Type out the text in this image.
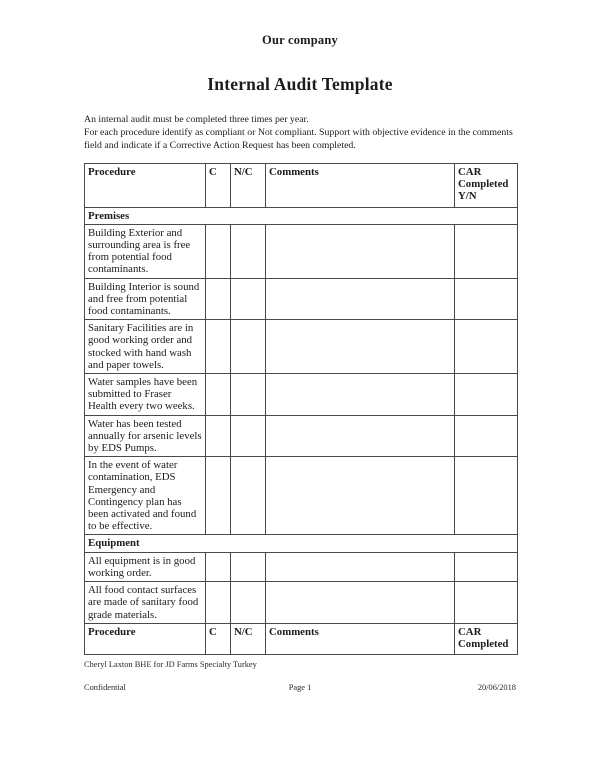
Our company
Internal Audit Template
An internal audit must be completed three times per year.
For each procedure identify as compliant or Not compliant. Support with objective evidence in the comments field and indicate if a Corrective Action Request has been completed.
Procedure	C	N/C	Comments	CAR Completed Y/N
Premises				
Building Exterior and surrounding area is free from potential food contaminants.				
Building Interior is sound and free from potential food contaminants.				
Sanitary Facilities are in good working order and stocked with hand wash and paper towels.				
Water samples have been submitted to Fraser Health every two weeks.				
Water has been tested annually for arsenic levels by EDS Pumps.				
In the event of water contamination, EDS Emergency and Contingency plan has been activated and found to be effective.				
Equipment				
All equipment is in good working order.				
All food contact surfaces are made of sanitary food grade materials.				
Procedure	C	N/C	Comments	CAR Completed
Cheryl Laxton BHE for JD Farms Specialty Turkey
Confidential	Page 1	20/06/2018
